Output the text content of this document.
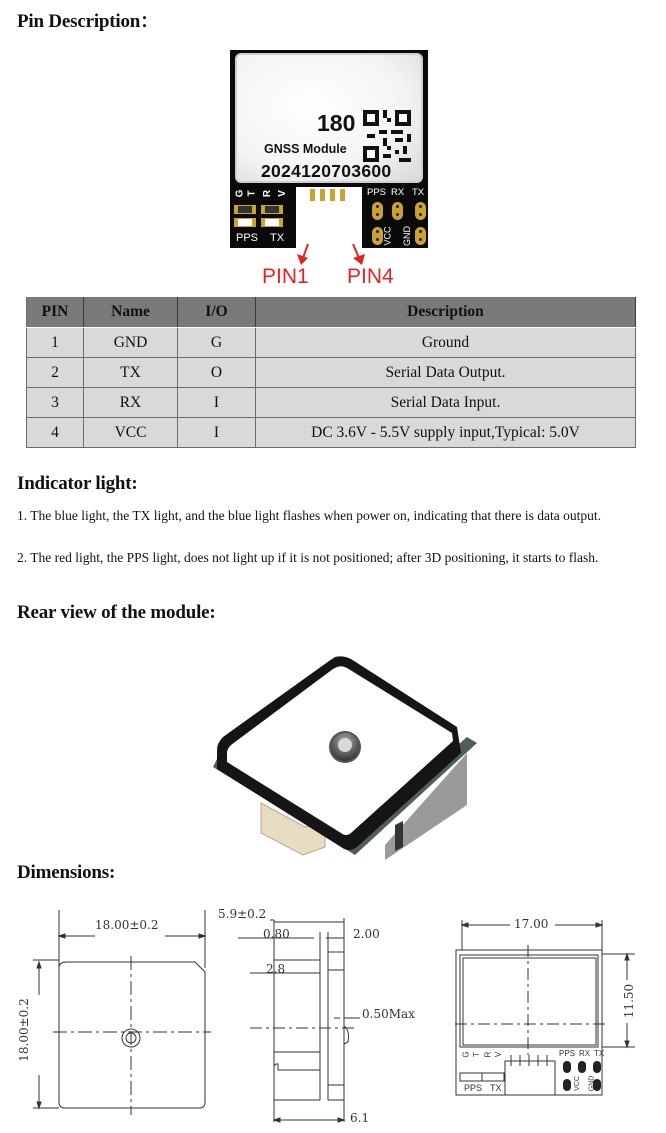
Pin Description：
180
GNSS Module
2024120703600
G T R V
PPS TX
D-	C- PPS RX TX
VCC GND
PIN1 PIN4
PIN	Name	I/O	Description
1	GND	G	Ground
2	TX	O	Serial Data Output.
3	RX	I	Serial Data Input.
4	VCC	I	DC 3.6V - 5.5V supply input,Typical: 5.0V
Indicator light:
1. The blue light, the TX light, and the blue light flashes when power on, indicating that there is data output.
2. The red light, the PPS light, does not light up if it is not positioned; after 3D positioning, it starts to flash.
Rear view of the module:
Dimensions:
18.00±0.2
18.00±0.2
5.9±0.2
0.80	2.00
2.8
0.50Max
6.1
17.00
11.50
G T R V	PPS RX TX
VCC GND
PPS TX
